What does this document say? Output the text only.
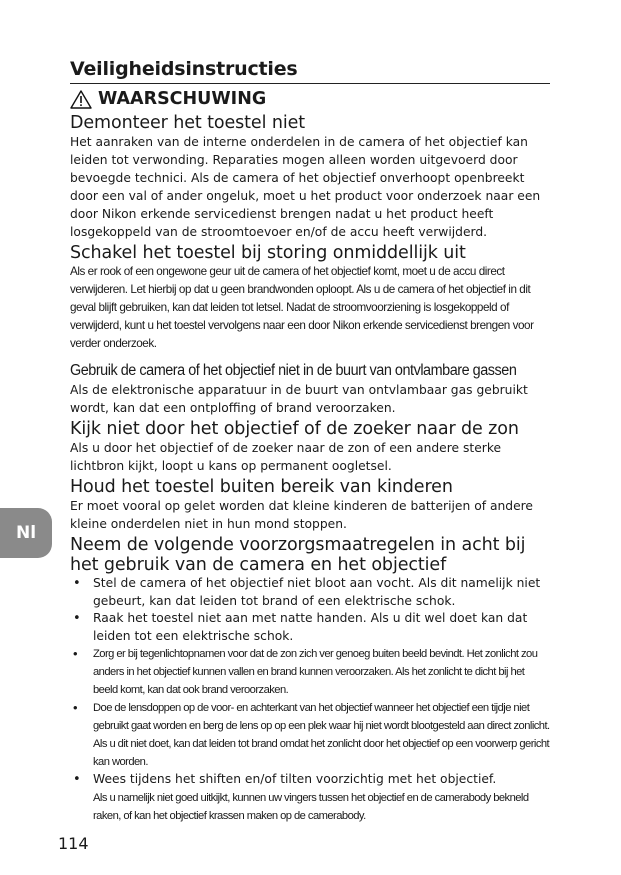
Veiligheidsinstructies
WAARSCHUWING
Demonteer het toestel niet

Het aanraken van de interne onderdelen in de camera of het objectief kan leiden tot verwonding. Reparaties mogen alleen worden uitgevoerd door bevoegde technici. Als de camera of het objectief onverhoopt openbreekt door een val of ander ongeluk, moet u het product voor onderzoek naar een door Nikon erkende servicedienst brengen nadat u het product heeft losgekoppeld van de stroomtoevoer en/of de accu heeft verwijderd.

Schakel het toestel bij storing onmiddellijk uit

Als er rook of een ongewone geur uit de camera of het objectief komt, moet u de accu direct verwijderen. Let hierbij op dat u geen brandwonden oploopt. Als u de camera of het objectief in dit geval blijft gebruiken, kan dat leiden tot letsel. Nadat de stroomvoorziening is losgekoppeld of verwijderd, kunt u het toestel vervolgens naar een door Nikon erkende servicedienst brengen voor verder onderzoek.

Gebruik de camera of het objectief niet in de buurt van ontvlambare gassen

Als de elektronische apparatuur in de buurt van ontvlambaar gas gebruikt wordt, kan dat een ontploffing of brand veroorzaken.

Kijk niet door het objectief of de zoeker naar de zon

Als u door het objectief of de zoeker naar de zon of een andere sterke lichtbron kijkt, loopt u kans op permanent oogletsel.

Houd het toestel buiten bereik van kinderen

Er moet vooral op gelet worden dat kleine kinderen de batterijen of andere kleine onderdelen niet in hun mond stoppen.

Neem de volgende voorzorgsmaatregelen in acht bij het gebruik van de camera en het objectief
• Stel de camera of het objectief niet bloot aan vocht. Als dit namelijk niet gebeurt, kan dat leiden tot brand of een elektrische schok.
• Raak het toestel niet aan met natte handen. Als u dit wel doet kan dat leiden tot een elektrische schok.
• Zorg er bij tegenlichtopnamen voor dat de zon zich ver genoeg buiten beeld bevindt. Het zonlicht zou anders in het objectief kunnen vallen en brand kunnen veroorzaken. Als het zonlicht te dicht bij het beeld komt, kan dat ook brand veroorzaken.
• Doe de lensdoppen op de voor- en achterkant van het objectief wanneer het objectief een tijdje niet gebruikt gaat worden en berg de lens op op een plek waar hij niet wordt blootgesteld aan direct zonlicht. Als u dit niet doet, kan dat leiden tot brand omdat het zonlicht door het objectief op een voorwerp gericht kan worden.
• Wees tijdens het shiften en/of tilten voorzichtig met het objectief.
Als u namelijk niet goed uitkijkt, kunnen uw vingers tussen het objectief en de camerabody bekneld raken, of kan het objectief krassen maken op de camerabody.
Nl
114
